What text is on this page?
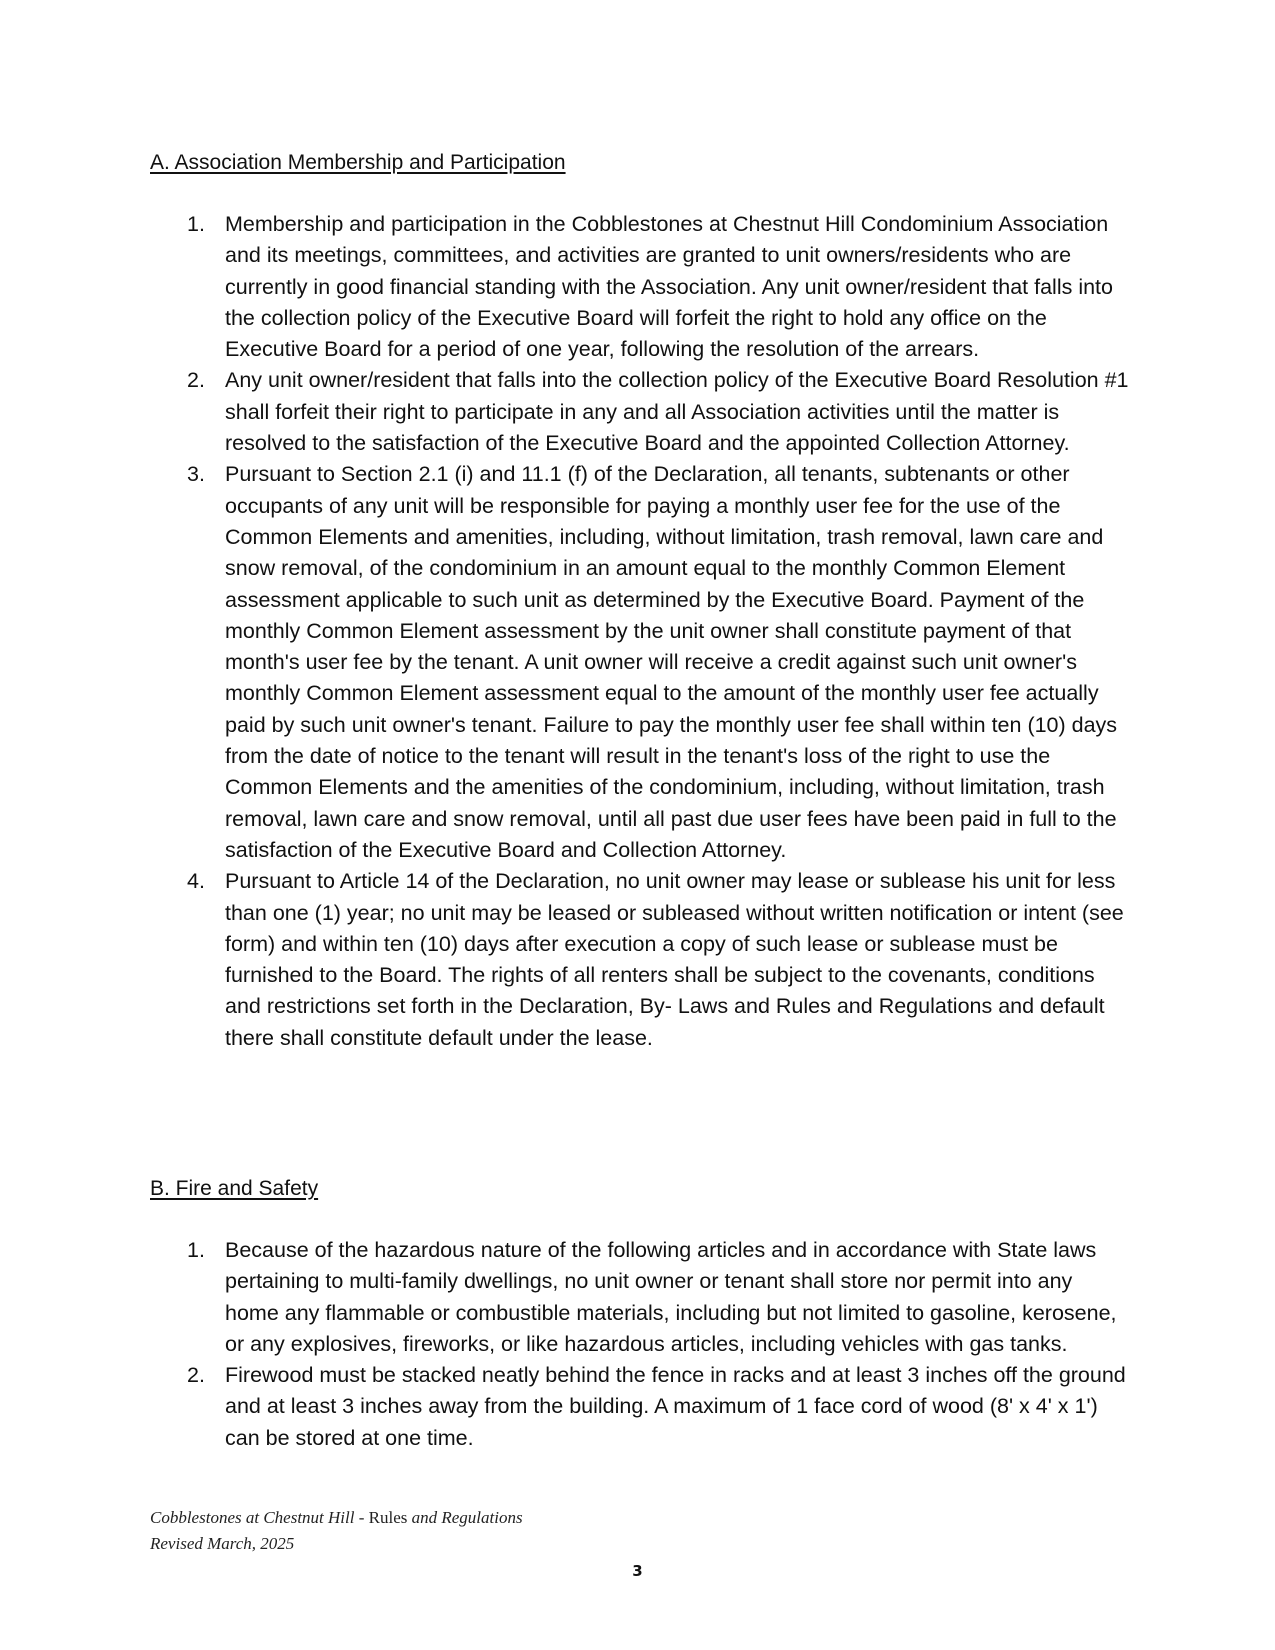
A. Association Membership and Participation
1. Membership and participation in the Cobblestones at Chestnut Hill Condominium Association and its meetings, committees, and activities are granted to unit owners/residents who are currently in good financial standing with the Association. Any unit owner/resident that falls into the collection policy of the Executive Board will forfeit the right to hold any office on the Executive Board for a period of one year, following the resolution of the arrears.
2. Any unit owner/resident that falls into the collection policy of the Executive Board Resolution #1 shall forfeit their right to participate in any and all Association activities until the matter is resolved to the satisfaction of the Executive Board and the appointed Collection Attorney.
3. Pursuant to Section 2.1 (i) and 11.1 (f) of the Declaration, all tenants, subtenants or other occupants of any unit will be responsible for paying a monthly user fee for the use of the Common Elements and amenities, including, without limitation, trash removal, lawn care and snow removal, of the condominium in an amount equal to the monthly Common Element assessment applicable to such unit as determined by the Executive Board. Payment of the monthly Common Element assessment by the unit owner shall constitute payment of that month's user fee by the tenant. A unit owner will receive a credit against such unit owner's monthly Common Element assessment equal to the amount of the monthly user fee actually paid by such unit owner's tenant. Failure to pay the monthly user fee shall within ten (10) days from the date of notice to the tenant will result in the tenant's loss of the right to use the Common Elements and the amenities of the condominium, including, without limitation, trash removal, lawn care and snow removal, until all past due user fees have been paid in full to the satisfaction of the Executive Board and Collection Attorney.
4. Pursuant to Article 14 of the Declaration, no unit owner may lease or sublease his unit for less than one (1) year; no unit may be leased or subleased without written notification or intent (see form) and within ten (10) days after execution a copy of such lease or sublease must be furnished to the Board. The rights of all renters shall be subject to the covenants, conditions and restrictions set forth in the Declaration, By- Laws and Rules and Regulations and default there shall constitute default under the lease.
B. Fire and Safety
1. Because of the hazardous nature of the following articles and in accordance with State laws pertaining to multi-family dwellings, no unit owner or tenant shall store nor permit into any home any flammable or combustible materials, including but not limited to gasoline, kerosene, or any explosives, fireworks, or like hazardous articles, including vehicles with gas tanks.
2. Firewood must be stacked neatly behind the fence in racks and at least 3 inches off the ground and at least 3 inches away from the building. A maximum of 1 face cord of wood (8' x 4' x 1') can be stored at one time.
Cobblestones at Chestnut Hill - Rules and Regulations
Revised March, 2025
3
